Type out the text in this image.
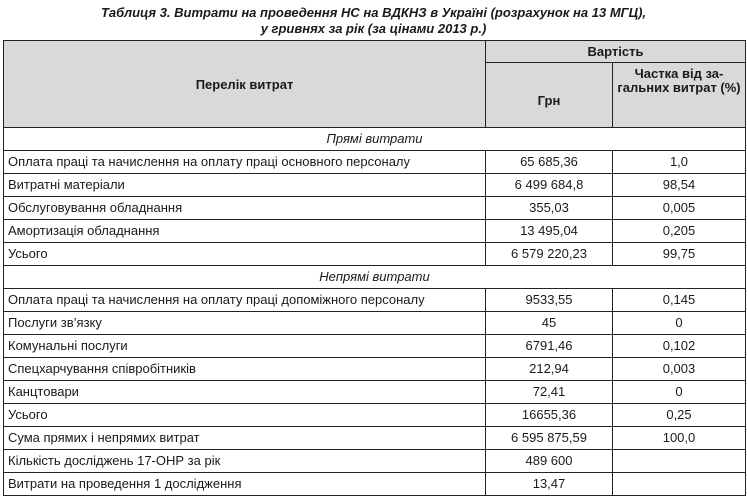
Таблиця 3. Витрати на проведення НС на ВДКНЗ в Україні (розрахунок на 13 МГЦ),
у гривнях за рік (за цінами 2013 р.)
Перелік витрат	Вартість	
	Грн	Частка від за-гальних витрат (%)
Прямі витрати		
Оплата праці та начислення на оплату праці основного персоналу	65 685,36	1,0
Витратні матеріали	6 499 684,8	98,54
Обслуговування обладнання	355,03	0,005
Амортизація обладнання	13 495,04	0,205
Усього	6 579 220,23	99,75
Непрямі витрати		
Оплата праці та начислення на оплату праці допоміжного персоналу	9533,55	0,145
Послуги зв’язку	45	0
Комунальні послуги	6791,46	0,102
Спецхарчування співробітників	212,94	0,003
Канцтовари	72,41	0
Усього	16655,36	0,25
Сума прямих і непрямих витрат	6 595 875,59	100,0
Кількість досліджень 17-ОНР за рік	489 600	
Витрати на проведення 1 дослідження	13,47	
